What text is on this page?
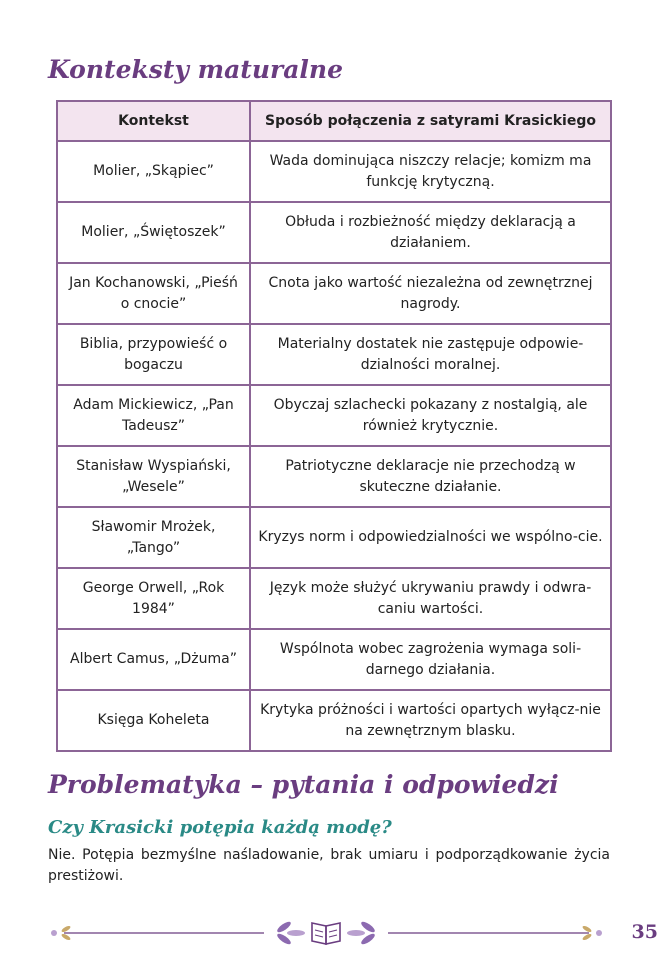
Konteksty maturalne
Kontekst	Sposób połączenia z satyrami Krasickiego
Molier, „Skąpiec”	Wada dominująca niszczy relacje; komizm ma funkcję krytyczną.
Molier, „Świętoszek”	Obłuda i rozbieżność między deklaracją a działaniem.
Jan Kochanowski, „Pieśń o cnocie”	Cnota jako wartość niezależna od zewnętrznej nagrody.
Biblia, przypowieść o bogaczu	Materialny dostatek nie zastępuje odpowie-dzialności moralnej.
Adam Mickiewicz, „Pan Tadeusz”	Obyczaj szlachecki pokazany z nostalgią, ale również krytycznie.
Stanisław Wyspiański, „Wesele”	Patriotyczne deklaracje nie przechodzą w skuteczne działanie.
Sławomir Mrożek, „Tango”	Kryzys norm i odpowiedzialności we wspólno-cie.
George Orwell, „Rok 1984”	Język może służyć ukrywaniu prawdy i odwra-caniu wartości.
Albert Camus, „Dżuma”	Wspólnota wobec zagrożenia wymaga soli-darnego działania.
Księga Koheleta	Krytyka próżności i wartości opartych wyłącz-nie na zewnętrznym blasku.
Problematyka – pytania i odpowiedzi
Czy Krasicki potępia każdą modę?

Nie. Potępia bezmyślne naśladowanie, brak umiaru i podporządkowanie życia prestiżowi.

35
